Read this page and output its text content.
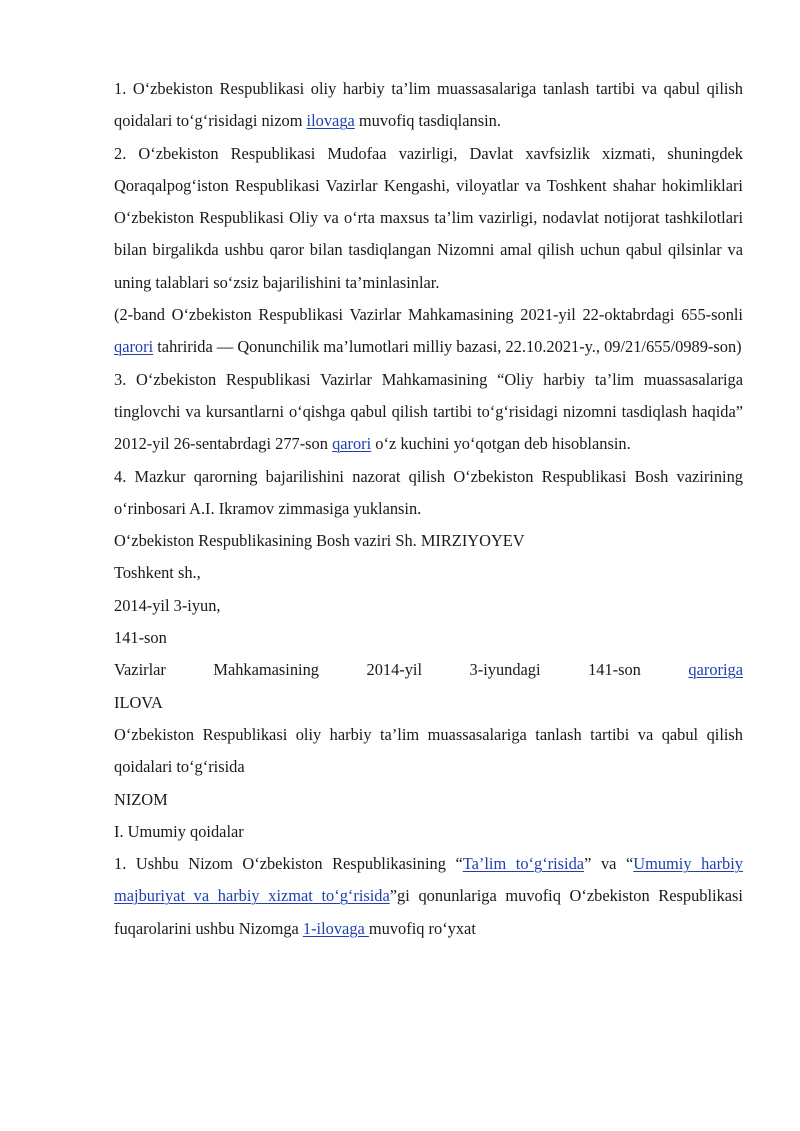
1. O‘zbekiston Respublikasi oliy harbiy ta’lim muassasalariga tanlash tartibi va qabul qilish qoidalari to‘g‘risidagi nizom ilovaga muvofiq tasdiqlansin.

2. O‘zbekiston Respublikasi Mudofaa vazirligi, Davlat xavfsizlik xizmati, shuningdek Qoraqalpog‘iston Respublikasi Vazirlar Kengashi, viloyatlar va Toshkent shahar hokimliklari O‘zbekiston Respublikasi Oliy va o‘rta maxsus ta’lim vazirligi, nodavlat notijorat tashkilotlari bilan birgalikda ushbu qaror bilan tasdiqlangan Nizomni amal qilish uchun qabul qilsinlar va uning talablari so‘zsiz bajarilishini ta’minlasinlar.

(2-band O‘zbekiston Respublikasi Vazirlar Mahkamasining 2021-yil 22-oktabrdagi 655-sonli qarori tahririda — Qonunchilik ma’lumotlari milliy bazasi, 22.10.2021-y., 09/21/655/0989-son)

3. O‘zbekiston Respublikasi Vazirlar Mahkamasining “Oliy harbiy ta’lim muassasalariga tinglovchi va kursantlarni o‘qishga qabul qilish tartibi to‘g‘risidagi nizomni tasdiqlash haqida” 2012-yil 26-sentabrdagi 277-son qarori o‘z kuchini yo‘qotgan deb hisoblansin.

4. Mazkur qarorning bajarilishini nazorat qilish O‘zbekiston Respublikasi Bosh vazirining o‘rinbosari A.I. Ikramov zimmasiga yuklansin.

O‘zbekiston Respublikasining Bosh vaziri Sh. MIRZIYOYEV

Toshkent sh.,

2014-yil 3-iyun,

141-son

Vazirlar	Mahkamasining	2014-yil	3-iyundagi	141-son	qaroriga

ILOVA

O‘zbekiston Respublikasi oliy harbiy ta’lim muassasalariga tanlash tartibi va qabul qilish qoidalari to‘g‘risida

NIZOM

I. Umumiy qoidalar

1. Ushbu Nizom O‘zbekiston Respublikasining “Ta’lim to‘g‘risida” va “Umumiy harbiy majburiyat va harbiy xizmat to‘g‘risida”gi qonunlariga muvofiq O‘zbekiston Respublikasi fuqarolarini ushbu Nizomga 1-ilovaga muvofiq ro‘yxat
